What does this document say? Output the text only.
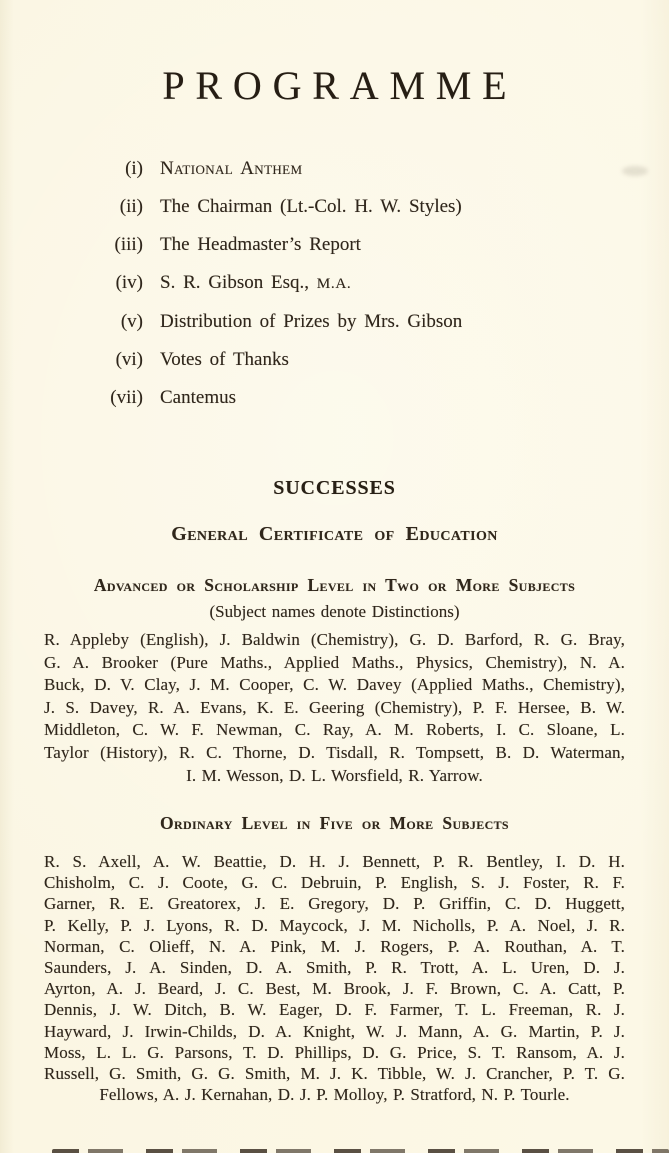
PROGRAMME
(i) National Anthem
(ii) The Chairman (Lt.-Col. H. W. Styles)
(iii) The Headmaster’s Report
(iv) S. R. Gibson Esq., M.A.
(v) Distribution of Prizes by Mrs. Gibson
(vi) Votes of Thanks
(vii) Cantemus
SUCCESSES
General Certificate of Education
Advanced or Scholarship Level in Two or More Subjects
(Subject names denote Distinctions)
R. Appleby (English), J. Baldwin (Chemistry), G. D. Barford, R. G. Bray,
G. A. Brooker (Pure Maths., Applied Maths., Physics, Chemistry), N. A.
Buck, D. V. Clay, J. M. Cooper, C. W. Davey (Applied Maths., Chemistry),
J. S. Davey, R. A. Evans, K. E. Geering (Chemistry), P. F. Hersee, B. W.
Middleton, C. W. F. Newman, C. Ray, A. M. Roberts, I. C. Sloane, L.
Taylor (History), R. C. Thorne, D. Tisdall, R. Tompsett, B. D. Waterman,
I. M. Wesson, D. L. Worsfield, R. Yarrow.
Ordinary Level in Five or More Subjects
R. S. Axell, A. W. Beattie, D. H. J. Bennett, P. R. Bentley, I. D. H.
Chisholm, C. J. Coote, G. C. Debruin, P. English, S. J. Foster, R. F.
Garner, R. E. Greatorex, J. E. Gregory, D. P. Griffin, C. D. Huggett,
P. Kelly, P. J. Lyons, R. D. Maycock, J. M. Nicholls, P. A. Noel, J. R.
Norman, C. Olieff, N. A. Pink, M. J. Rogers, P. A. Routhan, A. T.
Saunders, J. A. Sinden, D. A. Smith, P. R. Trott, A. L. Uren, D. J.
Ayrton, A. J. Beard, J. C. Best, M. Brook, J. F. Brown, C. A. Catt, P.
Dennis, J. W. Ditch, B. W. Eager, D. F. Farmer, T. L. Freeman, R. J.
Hayward, J. Irwin-Childs, D. A. Knight, W. J. Mann, A. G. Martin, P. J.
Moss, L. L. G. Parsons, T. D. Phillips, D. G. Price, S. T. Ransom, A. J.
Russell, G. Smith, G. G. Smith, M. J. K. Tibble, W. J. Crancher, P. T. G.
Fellows, A. J. Kernahan, D. J. P. Molloy, P. Stratford, N. P. Tourle.
